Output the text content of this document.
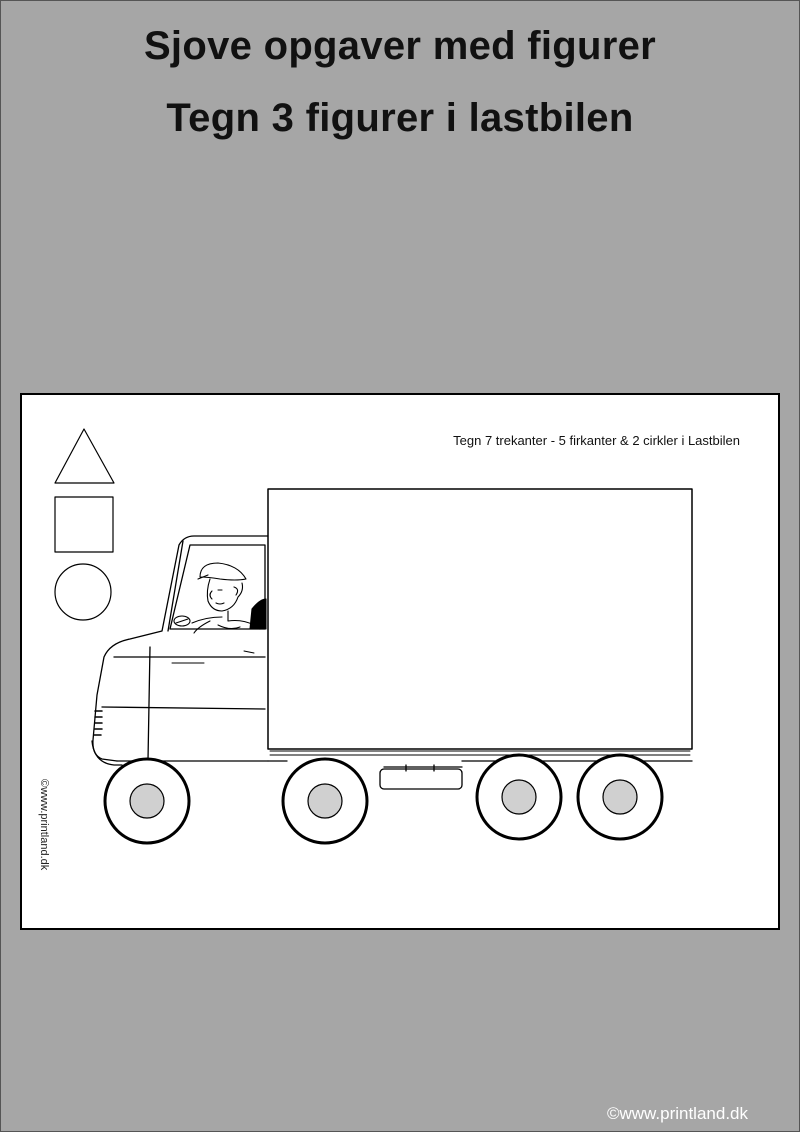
Sjove opgaver med figurer
Tegn 3 figurer i lastbilen
Tegn 7 trekanter - 5 firkanter & 2 cirkler i Lastbilen
©www.printland.dk
©www.printland.dk
